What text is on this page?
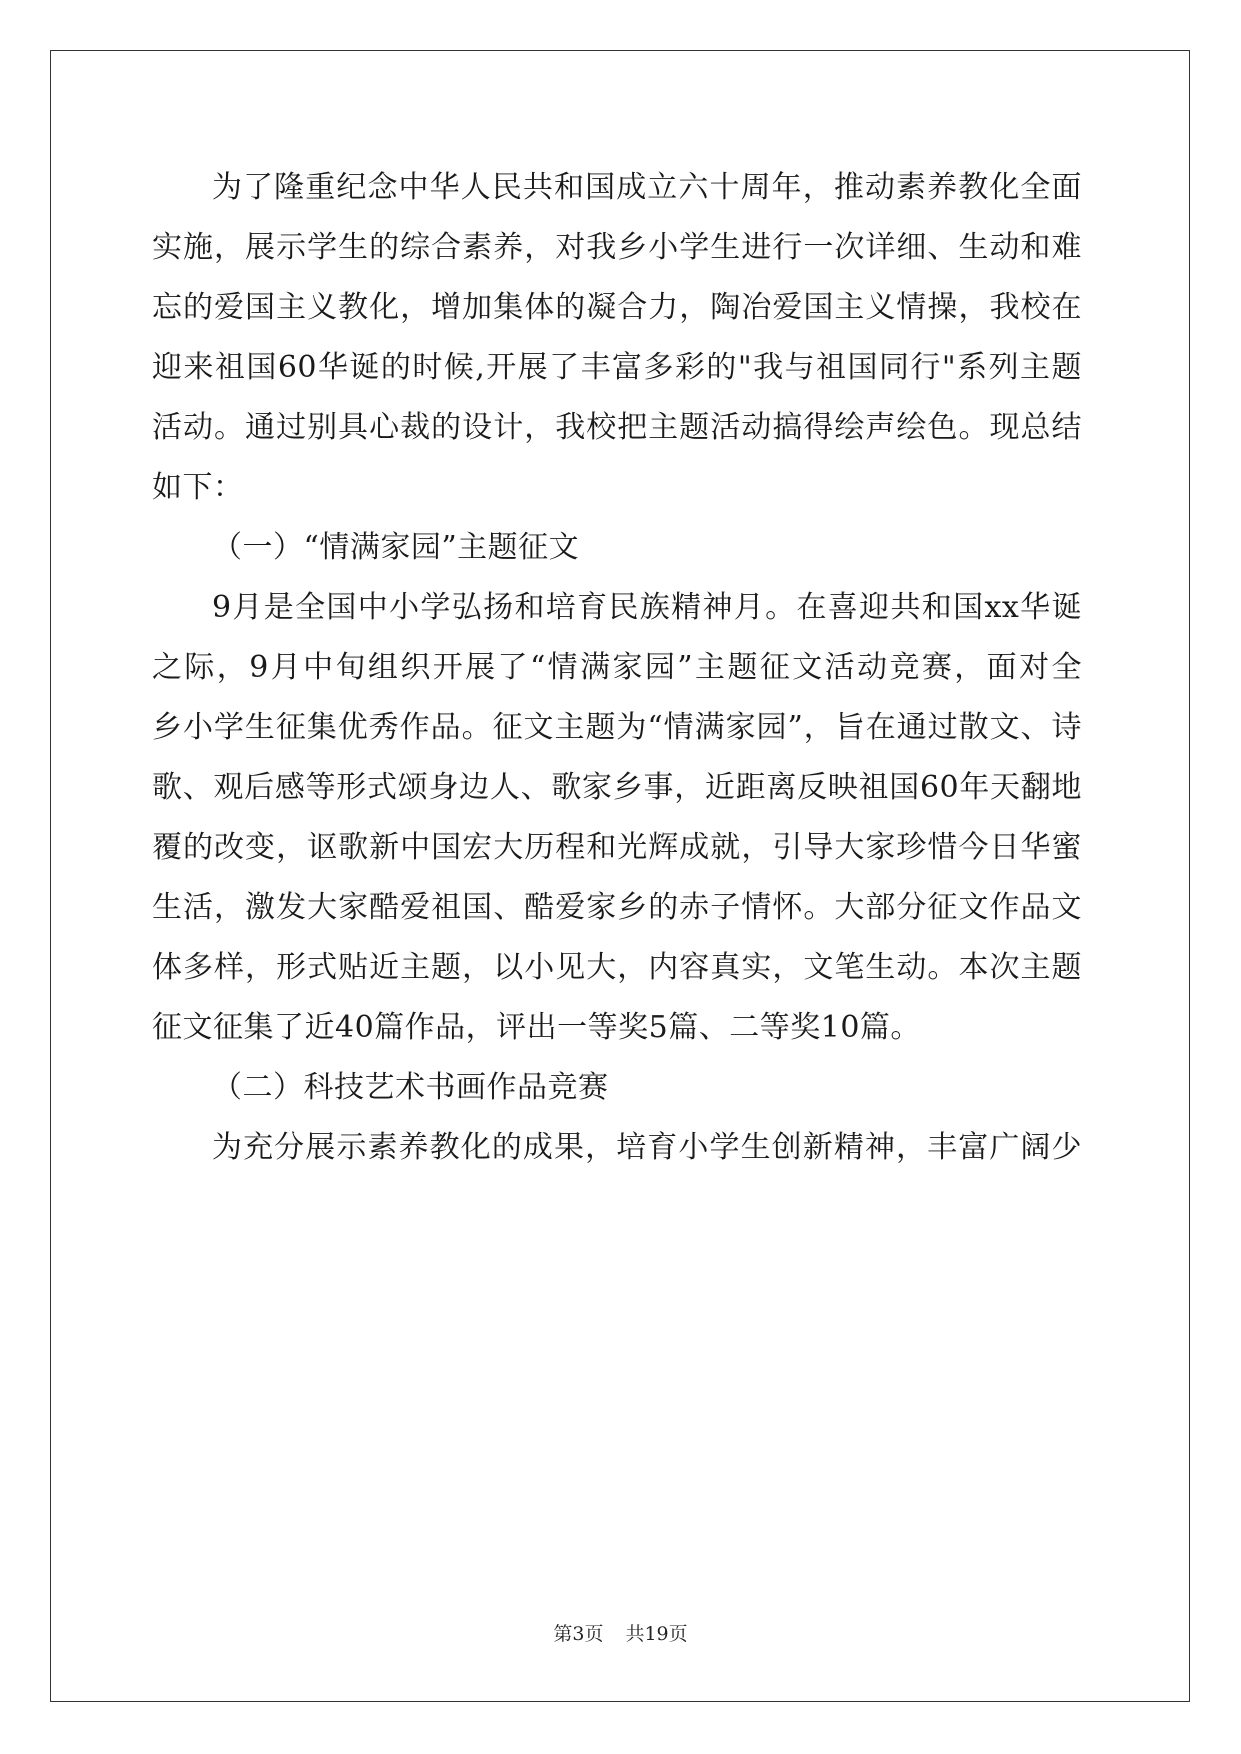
为了隆重纪念中华人民共和国成立六十周年，推动素养教化全面
实施，展示学生的综合素养，对我乡小学生进行一次详细、生动和难
忘的爱国主义教化，增加集体的凝合力，陶冶爱国主义情操，我校在
迎来祖国60华诞的时候,开展了丰富多彩的"我与祖国同行"系列主题
活动。通过别具心裁的设计，我校把主题活动搞得绘声绘色。现总结
如下：
（一）“情满家园”主题征文
9月是全国中小学弘扬和培育民族精神月。在喜迎共和国xx华诞
之际，9月中旬组织开展了“情满家园”主题征文活动竞赛，面对全
乡小学生征集优秀作品。征文主题为“情满家园”，旨在通过散文、诗
歌、观后感等形式颂身边人、歌家乡事，近距离反映祖国60年天翻地
覆的改变，讴歌新中国宏大历程和光辉成就，引导大家珍惜今日华蜜
生活，激发大家酷爱祖国、酷爱家乡的赤子情怀。大部分征文作品文
体多样，形式贴近主题，以小见大，内容真实，文笔生动。本次主题
征文征集了近40篇作品，评出一等奖5篇、二等奖10篇。
（二）科技艺术书画作品竞赛
为充分展示素养教化的成果，培育小学生创新精神，丰富广阔少
第3页 共19页
